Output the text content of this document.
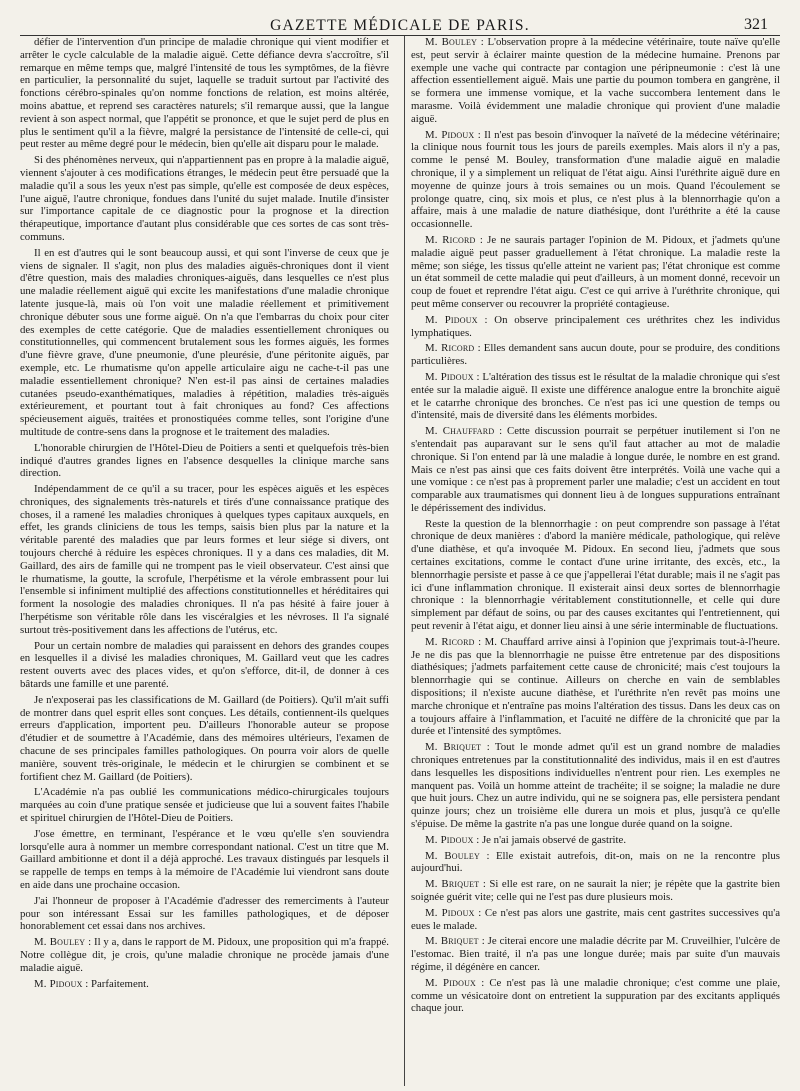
GAZETTE MÉDICALE DE PARIS.	321

défier de l'intervention d'un principe de maladie chronique qui vient modifier et arrêter le cycle calculable de la maladie aiguë. Cette défiance devra s'accroître, s'il remarque en même temps que, malgré l'intensité de tous les symptômes, de la fièvre en particulier, la personnalité du sujet, laquelle se traduit surtout par l'activité des fonctions cérébro-spinales qu'on nomme fonctions de relation, est moins altérée, moins abattue, et reprend ses caractères naturels; s'il remarque aussi, que la langue revient à son aspect normal, que l'appétit se prononce, et que le sujet perd de plus en plus le sentiment qu'il a la fièvre, malgré la persistance de l'intensité de celle-ci, qui peut rester au même degré pour le médecin, bien qu'elle ait disparu pour le malade.

Si des phénomènes nerveux, qui n'appartiennent pas en propre à la maladie aiguë, viennent s'ajouter à ces modifications étranges, le médecin peut être persuadé que la maladie qu'il a sous les yeux n'est pas simple, qu'elle est composée de deux espèces, l'une aiguë, l'autre chronique, fondues dans l'unité du sujet malade. Inutile d'insister sur l'importance capitale de ce diagnostic pour la prognose et la direction thérapeutique, importance d'autant plus considérable que ces sortes de cas sont très-communs.

Il en est d'autres qui le sont beaucoup aussi, et qui sont l'inverse de ceux que je viens de signaler. Il s'agit, non plus des maladies aiguës-chroniques dont il vient d'être question, mais des maladies chroniques-aiguës, dans lesquelles ce n'est plus une maladie réellement aiguë qui excite les manifestations d'une maladie chronique latente jusque-là, mais où l'on voit une maladie réellement et primitivement chronique débuter sous une forme aiguë. On n'a que l'embarras du choix pour citer des exemples de cette catégorie. Que de maladies essentiellement chroniques ou constitutionnelles, qui commencent brutalement sous les formes aiguës, les formes d'une fièvre grave, d'une pneumonie, d'une pleurésie, d'une péritonite aiguës, par exemple, etc. Le rhumatisme qu'on appelle articulaire aigu ne cache-t-il pas une maladie essentiellement chronique? N'en est-il pas ainsi de certaines maladies cutanées pseudo-exanthématiques, maladies à répétition, maladies très-aiguës extérieurement, et pourtant tout à fait chroniques au fond? Ces affections spécieusement aiguës, traitées et pronostiquées comme telles, sont l'origine d'une multitude de contre-sens dans la prognose et le traitement des maladies.

L'honorable chirurgien de l'Hôtel-Dieu de Poitiers a senti et quelquefois très-bien indiqué d'autres grandes lignes en l'absence desquelles la clinique marche sans direction.

Indépendamment de ce qu'il a su tracer, pour les espèces aiguës et les espèces chroniques, des signalements très-naturels et tirés d'une connaissance pratique des choses, il a ramené les maladies chroniques à quelques types capitaux auxquels, en effet, les grands cliniciens de tous les temps, saisis bien plus par la nature et la véritable parenté des maladies que par leurs formes et leur siége si divers, ont toujours cherché à réduire les espèces chroniques. Il y a dans ces maladies, dit M. Gaillard, des airs de famille qui ne trompent pas le vieil observateur. C'est ainsi que le rhumatisme, la goutte, la scrofule, l'herpétisme et la vérole embrassent pour lui l'ensemble si infiniment multiplié des affections constitutionnelles et héréditaires qui forment la nosologie des maladies chroniques. Il n'a pas hésité à faire jouer à l'herpétisme son véritable rôle dans les viscéralgies et les névroses. Il l'a signalé surtout très-positivement dans les affections de l'utérus, etc.

Pour un certain nombre de maladies qui paraissent en dehors des grandes coupes en lesquelles il a divisé les maladies chroniques, M. Gaillard veut que les cadres restent ouverts avec des places vides, et qu'on s'efforce, dit-il, de donner à ces bâtards une famille et une parenté.

Je n'exposerai pas les classifications de M. Gaillard (de Poitiers). Qu'il m'ait suffi de montrer dans quel esprit elles sont conçues. Les détails, contiennent-ils quelques erreurs d'application, importent peu. D'ailleurs l'honorable auteur se propose d'étudier et de soumettre à l'Académie, dans des mémoires ultérieurs, l'examen de chacune de ses principales familles pathologiques. On pourra voir alors de quelle manière, souvent très-originale, le médecin et le chirurgien se combinent et se fortifient chez M. Gaillard (de Poitiers).

L'Académie n'a pas oublié les communications médico-chirurgicales toujours marquées au coin d'une pratique sensée et judicieuse que lui a souvent faites l'habile et spirituel chirurgien de l'Hôtel-Dieu de Poitiers.

J'ose émettre, en terminant, l'espérance et le vœu qu'elle s'en souviendra lorsqu'elle aura à nommer un membre correspondant national. C'est un titre que M. Gaillard ambitionne et dont il a déjà approché. Les travaux distingués par lesquels il se rappelle de temps en temps à la mémoire de l'Académie lui viendront sans doute en aide dans une prochaine occasion.

J'ai l'honneur de proposer à l'Académie d'adresser des remerciments à l'auteur pour son intéressant Essai sur les familles pathologiques, et de déposer honorablement cet essai dans nos archives.

M. Bouley : Il y a, dans le rapport de M. Pidoux, une proposition qui m'a frappé. Notre collègue dit, je crois, qu'une maladie chronique ne procède jamais d'une maladie aiguë.

M. Pidoux : Parfaitement.

M. Bouley : L'observation propre à la médecine vétérinaire, toute naïve qu'elle est, peut servir à éclairer mainte question de la médecine humaine. Prenons par exemple une vache qui contracte par contagion une péripneumonie : c'est là une affection essentiellement aiguë. Mais une partie du poumon tombera en gangrène, il se formera une immense vomique, et la vache succombera lentement dans le marasme. Voilà évidemment une maladie chronique qui provient d'une maladie aiguë.

M. Pidoux : Il n'est pas besoin d'invoquer la naïveté de la médecine vétérinaire; la clinique nous fournit tous les jours de pareils exemples. Mais alors il n'y a pas, comme le pensé M. Bouley, transformation d'une maladie aiguë en maladie chronique, il y a simplement un reliquat de l'état aigu. Ainsi l'uréthrite aiguë dure en moyenne de quinze jours à trois semaines ou un mois. Quand l'écoulement se prolonge quatre, cinq, six mois et plus, ce n'est plus à la blennorrhagie qu'on a affaire, mais à une maladie de nature diathésique, dont l'uréthrite a été la cause occasionnelle.

M. Ricord : Je ne saurais partager l'opinion de M. Pidoux, et j'admets qu'une maladie aiguë peut passer graduellement à l'état chronique. La maladie reste la même; son siége, les tissus qu'elle atteint ne varient pas; l'état chronique est comme un état sommeil de cette maladie qui peut d'ailleurs, à un moment donné, recevoir un coup de fouet et reprendre l'état aigu. C'est ce qui arrive à l'uréthrite chronique, qui peut même conserver ou recouvrer la propriété contagieuse.

M. Pidoux : On observe principalement ces uréthrites chez les individus lymphatiques.

M. Ricord : Elles demandent sans aucun doute, pour se produire, des conditions particulières.

M. Pidoux : L'altération des tissus est le résultat de la maladie chronique qui s'est entée sur la maladie aiguë. Il existe une différence analogue entre la bronchite aiguë et le catarrhe chronique des bronches. Ce n'est pas ici une question de temps ou d'intensité, mais de diversité dans les éléments morbides.

M. Chauffard : Cette discussion pourrait se perpétuer inutilement si l'on ne s'entendait pas auparavant sur le sens qu'il faut attacher au mot de maladie chronique. Si l'on entend par là une maladie à longue durée, le nombre en est grand. Mais ce n'est pas ainsi que ces faits doivent être interprétés. Voilà une vache qui a une vomique : ce n'est pas à proprement parler une maladie; c'est un accident en tout comparable aux traumatismes qui donnent lieu à de longues suppurations entraînant le dépérissement des individus.

Reste la question de la blennorrhagie : on peut comprendre son passage à l'état chronique de deux manières : d'abord la manière médicale, pathologique, qui relève d'une diathèse, et qu'a invoquée M. Pidoux. En second lieu, j'admets que sous certaines excitations, comme le contact d'une urine irritante, des excès, etc., la blennorrhagie persiste et passe à ce que j'appellerai l'état durable; mais il ne s'agit pas ici d'une inflammation chronique. Il existerait ainsi deux sortes de blennorrhagie chronique : la blennorrhagie véritablement constitutionnelle, et celle qui dure simplement par défaut de soins, ou par des causes excitantes qui l'entretiennent, qui peut revenir à l'état aigu, et donner lieu ainsi à une série interminable de fluctuations.

M. Ricord : M. Chauffard arrive ainsi à l'opinion que j'exprimais tout-à-l'heure. Je ne dis pas que la blennorrhagie ne puisse être entretenue par des dispositions diathésiques; j'admets parfaitement cette cause de chronicité; mais c'est toujours la blennorrhagie qui se continue. Ailleurs on cherche en vain de semblables dispositions; il n'existe aucune diathèse, et l'uréthrite n'en revêt pas moins une marche chronique et n'entraîne pas moins l'altération des tissus. Dans les deux cas on a toujours affaire à l'inflammation, et l'acuité ne diffère de la chronicité que par la durée et l'intensité des symptômes.

M. Briquet : Tout le monde admet qu'il est un grand nombre de maladies chroniques entretenues par la constitutionnalité des individus, mais il en est d'autres dans lesquelles les dispositions individuelles n'entrent pour rien. Les exemples ne manquent pas. Voilà un homme atteint de trachéite; il se soigne; la maladie ne dure que huit jours. Chez un autre individu, qui ne se soignera pas, elle persistera pendant quinze jours; chez un troisième elle durera un mois et plus, jusqu'à ce qu'elle s'épuise. De même la gastrite n'a pas une longue durée quand on la soigne.

M. Pidoux : Je n'ai jamais observé de gastrite.

M. Bouley : Elle existait autrefois, dit-on, mais on ne la rencontre plus aujourd'hui.

M. Briquet : Si elle est rare, on ne saurait la nier; je répète que la gastrite bien soignée guérit vite; celle qui ne l'est pas dure plusieurs mois.

M. Pidoux : Ce n'est pas alors une gastrite, mais cent gastrites successives qu'a eues le malade.

M. Briquet : Je citerai encore une maladie décrite par M. Cruveilhier, l'ulcère de l'estomac. Bien traité, il n'a pas une longue durée; mais par suite d'un mauvais régime, il dégénère en cancer.

M. Pidoux : Ce n'est pas là une maladie chronique; c'est comme une plaie, comme un vésicatoire dont on entretient la suppuration par des excitants appliqués chaque jour.
